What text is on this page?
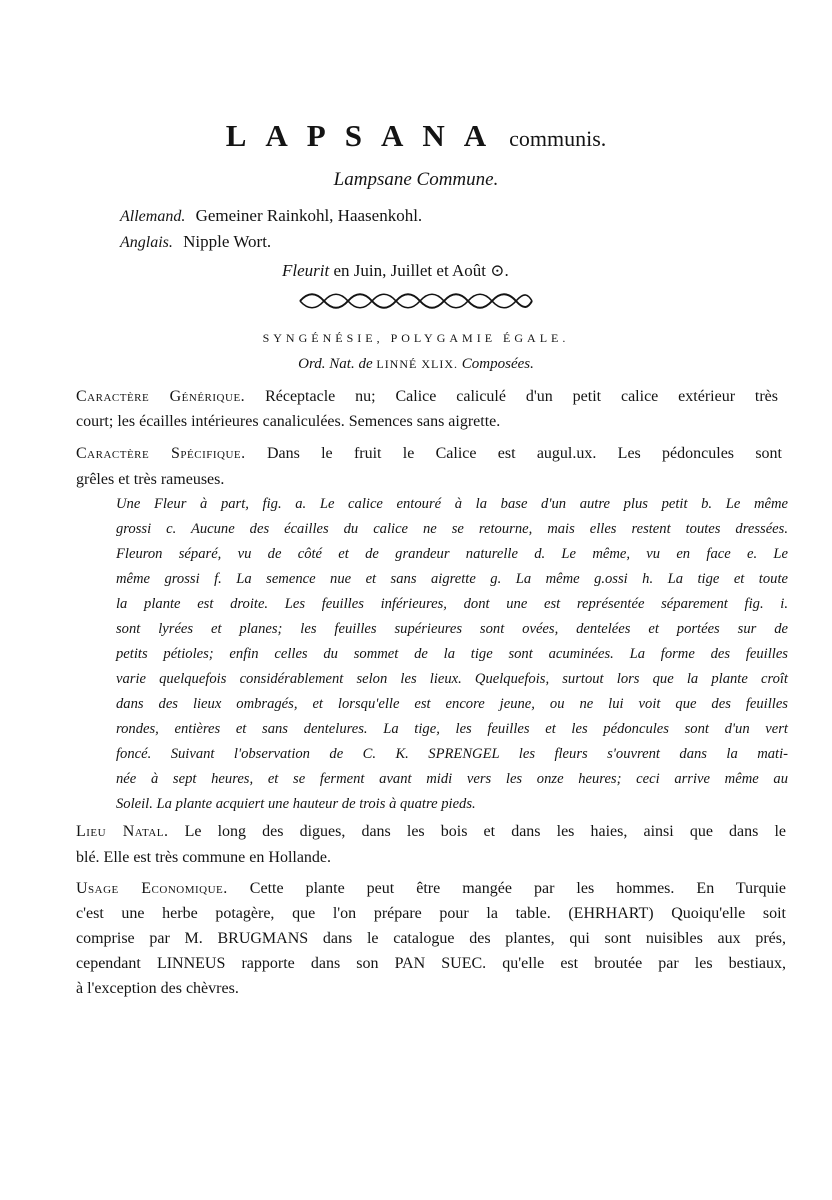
LAPSANA communis.
Lampsane Commune.
Allemand. Gemeiner Rainkohl, Haasenkohl.
Anglais. Nipple Wort.
Fleurit en Juin, Juillet et Août ⊙.
SYNGÉNÉSIE, POLYGAMIE ÉGALE.
Ord. Nat. de LINNÉ XLIX. Composées.
Caractère Générique. Réceptacle nu; Calice caliculé d'un petit calice extérieur très
court; les écailles intérieures canaliculées. Semences sans aigrette.
Caractère Spécifique. Dans le fruit le Calice est augul.ux. Les pédoncules sont
grêles et très rameuses.
Une Fleur à part, fig. a. Le calice entouré à la base d'un autre plus petit b. Le même
grossi c. Aucune des écailles du calice ne se retourne, mais elles restent toutes dressées.
Fleuron séparé, vu de côté et de grandeur naturelle d. Le même, vu en face e. Le
même grossi f. La semence nue et sans aigrette g. La même g.ossi h. La tige et toute
la plante est droite. Les feuilles inférieures, dont une est représentée séparement fig. i.
sont lyrées et planes; les feuilles supérieures sont ovées, dentelées et portées sur de
petits pétioles; enfin celles du sommet de la tige sont acuminées. La forme des feuilles
varie quelquefois considérablement selon les lieux. Quelquefois, surtout lors que la plante croît
dans des lieux ombragés, et lorsqu'elle est encore jeune, ou ne lui voit que des feuilles
rondes, entières et sans dentelures. La tige, les feuilles et les pédoncules sont d'un vert
foncé. Suivant l'observation de C. K. SPRENGEL les fleurs s'ouvrent dans la mati-
née à sept heures, et se ferment avant midi vers les onze heures; ceci arrive même au
Soleil. La plante acquiert une hauteur de trois à quatre pieds.
Lieu Natal. Le long des digues, dans les bois et dans les haies, ainsi que dans le
blé. Elle est très commune en Hollande.
Usage Economique. Cette plante peut être mangée par les hommes. En Turquie
c'est une herbe potagère, que l'on prépare pour la table. (EHRHART) Quoiqu'elle soit
comprise par M. BRUGMANS dans le catalogue des plantes, qui sont nuisibles aux prés,
cependant LINNEUS rapporte dans son PAN SUEC. qu'elle est broutée par les bestiaux,
à l'exception des chèvres.
